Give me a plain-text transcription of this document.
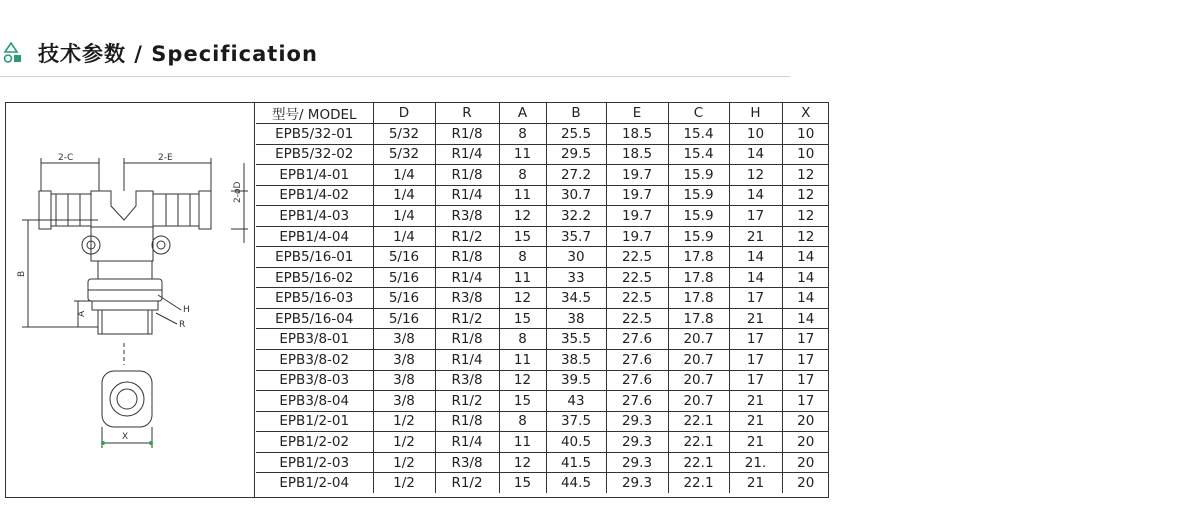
技术参数 / Specification
2-C	2-E
2-øD
B
A	H
R
X
型号/ MODEL	D	R	A	B	E	C	H	X
EPB5/32-01	5/32	R1/8	8	25.5	18.5	15.4	10	10
EPB5/32-02	5/32	R1/4	11	29.5	18.5	15.4	14	10
EPB1/4-01	1/4	R1/8	8	27.2	19.7	15.9	12	12
EPB1/4-02	1/4	R1/4	11	30.7	19.7	15.9	14	12
EPB1/4-03	1/4	R3/8	12	32.2	19.7	15.9	17	12
EPB1/4-04	1/4	R1/2	15	35.7	19.7	15.9	21	12
EPB5/16-01	5/16	R1/8	8	30	22.5	17.8	14	14
EPB5/16-02	5/16	R1/4	11	33	22.5	17.8	14	14
EPB5/16-03	5/16	R3/8	12	34.5	22.5	17.8	17	14
EPB5/16-04	5/16	R1/2	15	38	22.5	17.8	21	14
EPB3/8-01	3/8	R1/8	8	35.5	27.6	20.7	17	17
EPB3/8-02	3/8	R1/4	11	38.5	27.6	20.7	17	17
EPB3/8-03	3/8	R3/8	12	39.5	27.6	20.7	17	17
EPB3/8-04	3/8	R1/2	15	43	27.6	20.7	21	17
EPB1/2-01	1/2	R1/8	8	37.5	29.3	22.1	21	20
EPB1/2-02	1/2	R1/4	11	40.5	29.3	22.1	21	20
EPB1/2-03	1/2	R3/8	12	41.5	29.3	22.1	21.	20
EPB1/2-04	1/2	R1/2	15	44.5	29.3	22.1	21	20
